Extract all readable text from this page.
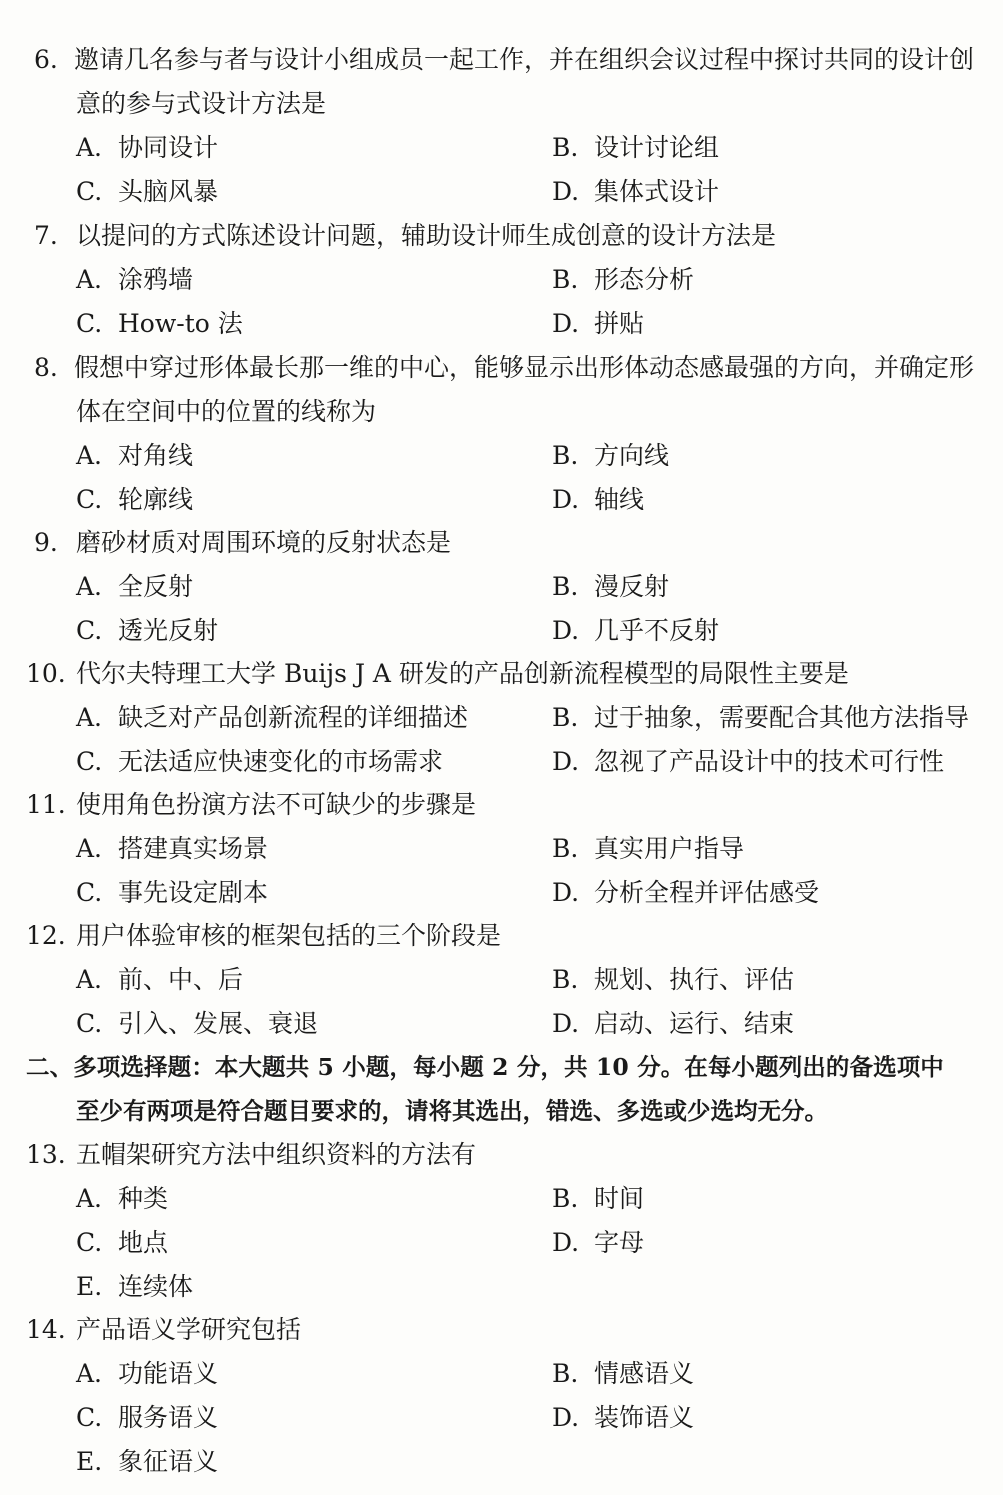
6. 邀请几名参与者与设计小组成员一起工作，并在组织会议过程中探讨共同的设计创
意的参与式设计方法是
A. 协同设计	B. 设计讨论组
C. 头脑风暴	D. 集体式设计
7. 以提问的方式陈述设计问题，辅助设计师生成创意的设计方法是
A. 涂鸦墙	B. 形态分析
C. How-to 法	D. 拼贴
8. 假想中穿过形体最长那一维的中心，能够显示出形体动态感最强的方向，并确定形
体在空间中的位置的线称为
A. 对角线	B. 方向线
C. 轮廓线	D. 轴线
9. 磨砂材质对周围环境的反射状态是
A. 全反射	B. 漫反射
C. 透光反射	D. 几乎不反射
10. 代尔夫特理工大学 Buijs J A 研发的产品创新流程模型的局限性主要是
A. 缺乏对产品创新流程的详细描述	B. 过于抽象，需要配合其他方法指导
C. 无法适应快速变化的市场需求	D. 忽视了产品设计中的技术可行性
11. 使用角色扮演方法不可缺少的步骤是
A. 搭建真实场景	B. 真实用户指导
C. 事先设定剧本	D. 分析全程并评估感受
12. 用户体验审核的框架包括的三个阶段是
A. 前、中、后	B. 规划、执行、评估
C. 引入、发展、衰退	D. 启动、运行、结束
二、多项选择题：本大题共 5 小题，每小题 2 分，共 10 分。在每小题列出的备选项中
至少有两项是符合题目要求的，请将其选出，错选、多选或少选均无分。
13. 五帽架研究方法中组织资料的方法有
A. 种类	B. 时间
C. 地点	D. 字母
E. 连续体
14. 产品语义学研究包括
A. 功能语义	B. 情感语义
C. 服务语义	D. 装饰语义
E. 象征语义
